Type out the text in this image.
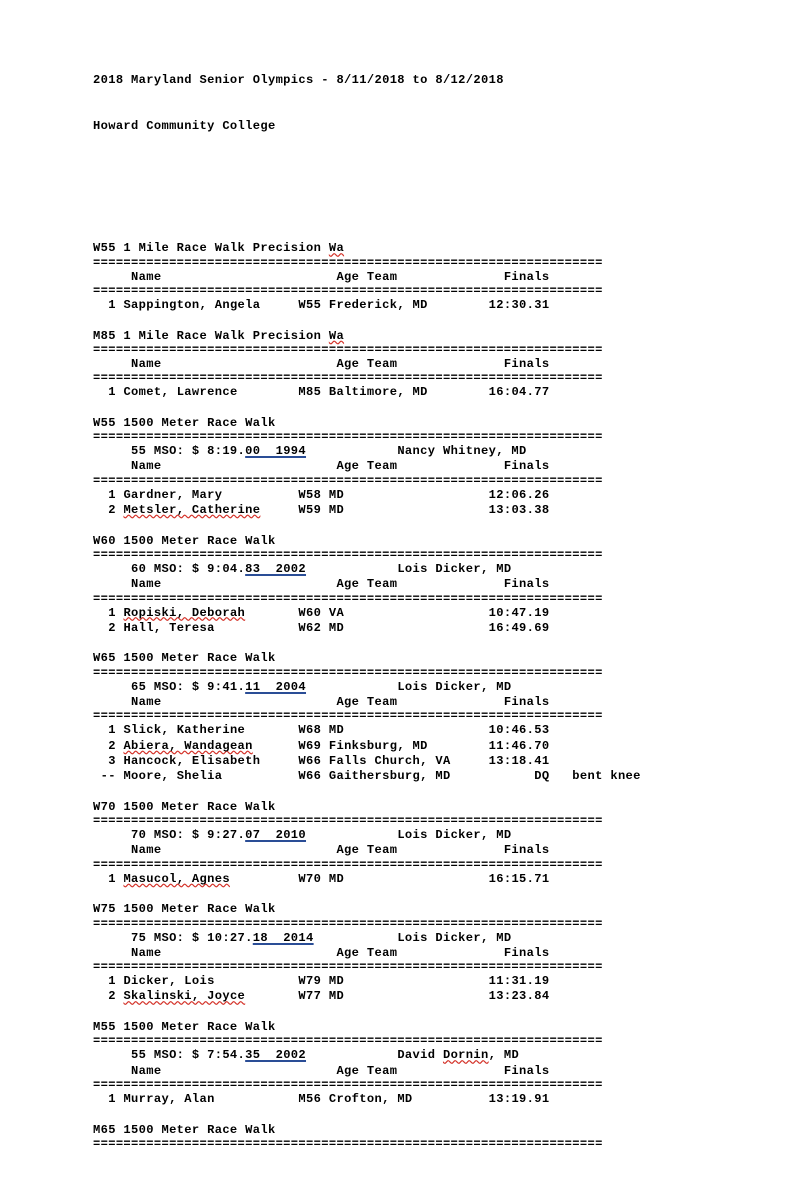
2018 Maryland Senior Olympics - 8/11/2018 to 8/12/2018

Howard Community College

W55 1 Mile Race Walk Precision Wa
===================================================================
Name                       Age Team              Finals
===================================================================
1 Sappington, Angela	W55 Frederick, MD        12:30.31
M85 1 Mile Race Walk Precision Wa
===================================================================
Name                       Age Team              Finals
===================================================================
1 Comet, Lawrence	M85 Baltimore, MD        16:04.77
W55 1500 Meter Race Walk
===================================================================
55 MSO: $ 8:19.00  1994	Nancy Whitney, MD
Name                       Age Team              Finals
===================================================================
1 Gardner, Mary	W58 MD                   12:06.26
2 Metsler, Catherine	W59 MD                   13:03.38
W60 1500 Meter Race Walk
===================================================================
60 MSO: $ 9:04.83  2002	Lois Dicker, MD
Name                       Age Team              Finals
===================================================================
1 Ropiski, Deborah	W60 VA                   10:47.19
2 Hall, Teresa	W62 MD                   16:49.69
W65 1500 Meter Race Walk
===================================================================
65 MSO: $ 9:41.11  2004	Lois Dicker, MD
Name                       Age Team              Finals
===================================================================
1 Slick, Katherine	W68 MD                   10:46.53
2 Abiera, Wandagean	W69 Finksburg, MD        11:46.70
3 Hancock, Elisabeth	W66 Falls Church, VA     13:18.41
-- Moore, Shelia	W66 Gaithersburg, MD           DQ   bent knee
W70 1500 Meter Race Walk
===================================================================
70 MSO: $ 9:27.07  2010	Lois Dicker, MD
Name                       Age Team              Finals
===================================================================
1 Masucol, Agnes	W70 MD                   16:15.71
W75 1500 Meter Race Walk
===================================================================
75 MSO: $ 10:27.18  2014	Lois Dicker, MD
Name                       Age Team              Finals
===================================================================
1 Dicker, Lois	W79 MD                   11:31.19
2 Skalinski, Joyce	W77 MD                   13:23.84
M55 1500 Meter Race Walk
===================================================================
55 MSO: $ 7:54.35  2002	David Dornin, MD
Name                       Age Team              Finals
===================================================================
1 Murray, Alan	M56 Crofton, MD          13:19.91
M65 1500 Meter Race Walk
===================================================================
